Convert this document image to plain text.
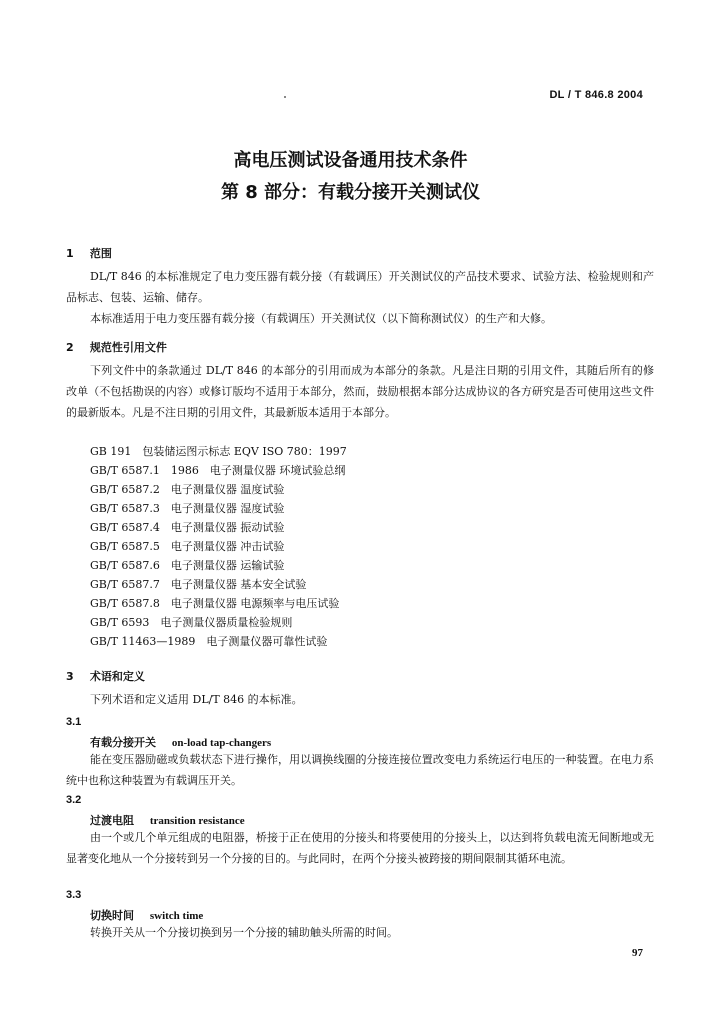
DL / T 846.8 2004
高电压测试设备通用技术条件
第 8 部分：有载分接开关测试仪
1 范围
DL/T 846 的本标准规定了电力变压器有载分接（有载调压）开关测试仪的产品技术要求、试验方法、检验规则和产品标志、包装、运输、储存。
本标准适用于电力变压器有载分接（有载调压）开关测试仪（以下简称测试仪）的生产和大修。
2 规范性引用文件
下列文件中的条款通过 DL/T 846 的本部分的引用而成为本部分的条款。凡是注日期的引用文件，其随后所有的修改单（不包括勘误的内容）或修订版均不适用于本部分，然而，鼓励根据本部分达成协议的各方研究是否可使用这些文件的最新版本。凡是不注日期的引用文件，其最新版本适用于本部分。
GB 191　包装储运图示标志 EQV ISO 780：1997
GB/T 6587.1　1986　电子测量仪器 环境试验总纲
GB/T 6587.2　电子测量仪器 温度试验
GB/T 6587.3　电子测量仪器 湿度试验
GB/T 6587.4　电子测量仪器 振动试验
GB/T 6587.5　电子测量仪器 冲击试验
GB/T 6587.6　电子测量仪器 运输试验
GB/T 6587.7　电子测量仪器 基本安全试验
GB/T 6587.8　电子测量仪器 电源频率与电压试验
GB/T 6593　电子测量仪器质量检验规则
GB/T 11463—1989　电子测量仪器可靠性试验
3 术语和定义
下列术语和定义适用 DL/T 846 的本标准。
3.1
有载分接开关 on-load tap-changers
能在变压器励磁或负载状态下进行操作，用以调换线圈的分接连接位置改变电力系统运行电压的一种装置。在电力系统中也称这种装置为有载调压开关。
3.2
过渡电阻 transition resistance
由一个或几个单元组成的电阻器，桥接于正在使用的分接头和将要使用的分接头上，以达到将负载电流无间断地或无显著变化地从一个分接转到另一个分接的目的。与此同时，在两个分接头被跨接的期间限制其循环电流。
3.3
切换时间 switch time
转换开关从一个分接切换到另一个分接的辅助触头所需的时间。
97
